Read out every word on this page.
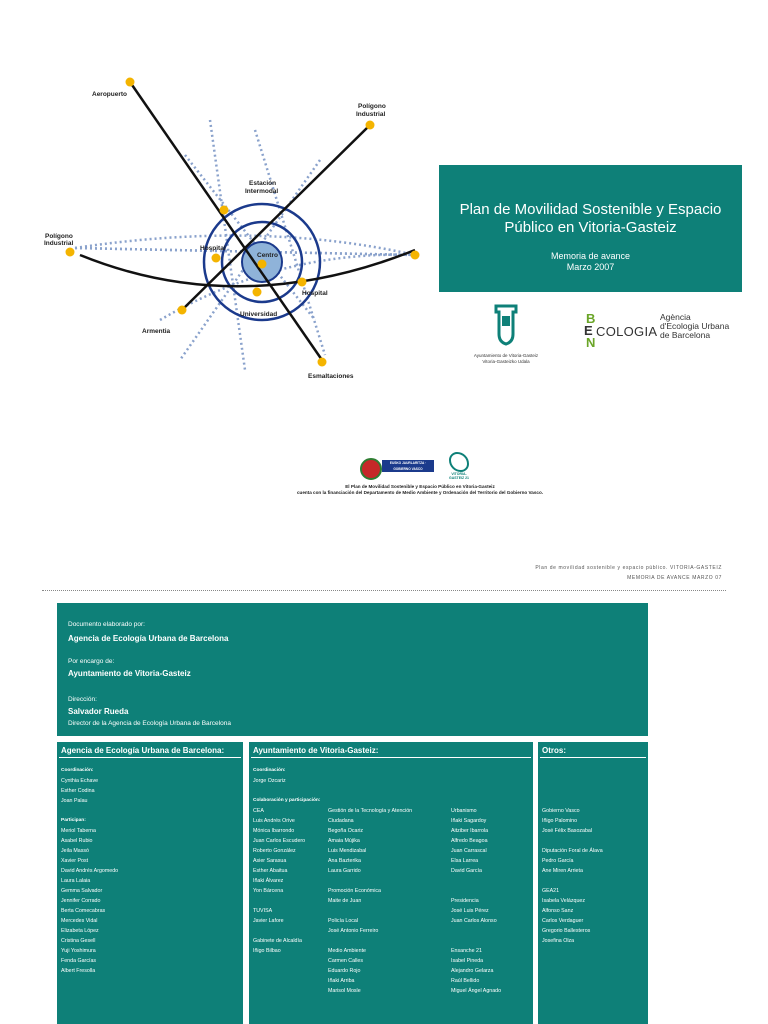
Aeropuerto
Polígono
Industrial
Estación
Intermodal
Polígono
Industrial
Hospital
Centro
Hospital
Universidad
Armentia
Esmaltaciones
Plan de Movilidad Sostenible y Espacio Público en Vitoria-Gasteiz
Memoria de avance
Marzo 2007
Ayuntamiento de Vitoria-Gasteiz
Vitoria-Gasteizko Udala
B
E COLOGIA
N
Agència
d'Ecologia Urbana
de Barcelona
EUSKO JAURLARITZA · GOBIERNO VASCO
VITORIA-GASTEIZ 21
El Plan de Movilidad Sostenible y Espacio Público en Vitoria-Gasteiz
cuenta con la financiación del Departamento de Medio Ambiente y Ordenación del Territorio del Gobierno Vasco.
Plan de movilidad sostenible y espacio público. VITORIA-GASTEIZ
MEMORIA DE AVANCE MARZO 07
Documento elaborado por:
Agencia de Ecología Urbana de Barcelona
Por encargo de:
Ayuntamiento de Vitoria-Gasteiz
Dirección:
Salvador Rueda
Director de la Agencia de Ecología Urbana de Barcelona
Agencia de Ecología Urbana de Barcelona:
Coordinación:
Cynthia Echave
Esther Codina
Joan Palau
Participan:
Meriol Taberna
Asabel Rubio
Jeila Massó
Xavier Post
David Andrés Argomedo
Laura Lalaia
Gemma Salvador
Jennifer Corrado
Berta Comecabras
Mercedes Vidal
Elizabeta López
Cristina Gesell
Yuji Yoshimura
Fenda Garcías
Albert Fresolla
Ayuntamiento de Vitoria-Gasteiz:
Coordinación:
Jorge Ozcariz
Colaboración y participación:
CEA
Luis Andrés Orive
Mónica Ibarrondo
Juan Carlos Escudero
Roberto González
Asier Sarasua
Esther Abaitua
Iñaki Álvarez
Yon Bárcena
TUVISA
Javier Lafore
Gabinete de Alcaldía
Iñigo Bilbao
Gestión de la Tecnología y Atención
Ciudadana
Begoña Ocariz
Amaia Mújika
Luis Mendizabal
Ana Bazterika
Laura Garrido
Promoción Económica
Maite de Juan
Policía Local
José Antonio Ferreiro
Medio Ambiente
Carmen Calles
Eduardo Rojo
Iñaki Arriba
Marisol Mosle
Urbanismo
Iñaki Sagardoy
Aitziber Ibarrola
Alfredo Beagoa
Juan Carrascal
Elsa Larrea
David García
Presidencia
José Luis Pérez
Juan Carlos Alonso
Ensanche 21
Isabel Pineda
Alejandro Gelarza
Raúl Bellido
Miguel Ángel Agnado
Otros:
Gobierno Vasco
Iñigo Palomino
José Félix Basozabal
Diputación Foral de Álava
Pedro García
Ane Miren Arrieta
GEA21
Isabela Velázquez
Alfonso Sanz
Carlos Verdaguer
Gregorio Ballesteros
Josefina Olza
